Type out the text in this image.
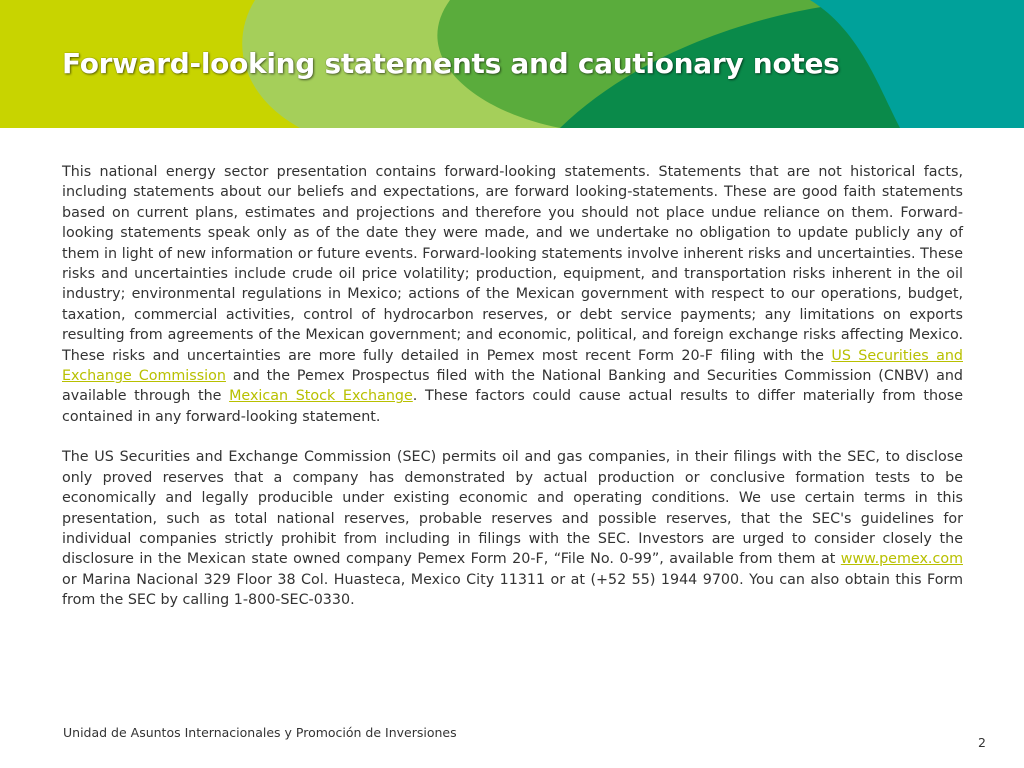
Forward-looking statements and cautionary notes

This national energy sector presentation contains forward-looking statements. Statements that are not historical facts, including statements about our beliefs and expectations, are forward looking-statements. These are good faith statements based on current plans, estimates and projections and therefore you should not place undue reliance on them. Forward-looking statements speak only as of the date they were made, and we undertake no obligation to update publicly any of them in light of new information or future events. Forward-looking statements involve inherent risks and uncertainties. These risks and uncertainties include crude oil price volatility; production, equipment, and transportation risks inherent in the oil industry; environmental regulations in Mexico; actions of the Mexican government with respect to our operations, budget, taxation, commercial activities, control of hydrocarbon reserves, or debt service payments; any limitations on exports resulting from agreements of the Mexican government; and economic, political, and foreign exchange risks affecting Mexico. These risks and uncertainties are more fully detailed in Pemex most recent Form 20-F filing with the US Securities and Exchange Commission and the Pemex Prospectus filed with the National Banking and Securities Commission (CNBV) and available through the Mexican Stock Exchange. These factors could cause actual results to differ materially from those contained in any forward-looking statement.

The US Securities and Exchange Commission (SEC) permits oil and gas companies, in their filings with the SEC, to disclose only proved reserves that a company has demonstrated by actual production or conclusive formation tests to be economically and legally producible under existing economic and operating conditions. We use certain terms in this presentation, such as total national reserves, probable reserves and possible reserves, that the SEC's guidelines for individual companies strictly prohibit from including in filings with the SEC. Investors are urged to consider closely the disclosure in the Mexican state owned company Pemex Form 20-F, “File No. 0-99”, available from them at www.pemex.com or Marina Nacional 329 Floor 38 Col. Huasteca, Mexico City 11311 or at (+52 55) 1944 9700. You can also obtain this Form from the SEC by calling 1-800-SEC-0330.

Unidad de Asuntos Internacionales y Promoción de Inversiones
2
